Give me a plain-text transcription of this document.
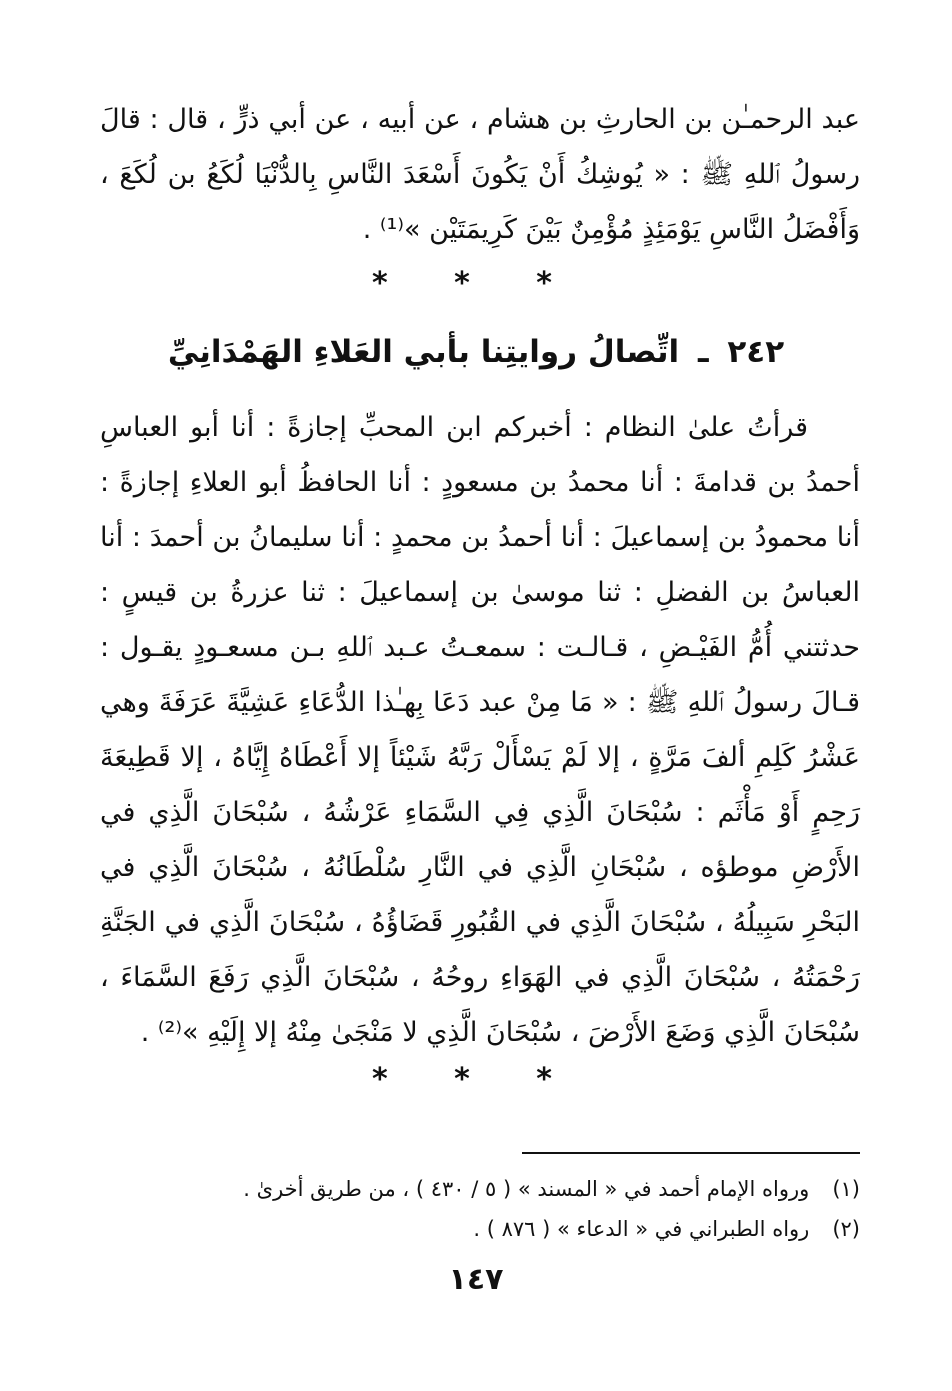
عبد الرحمـٰن بن الحارثِ بن هشام ، عن أبيه ، عن أبي ذرٍّ ، قال : قالَ رسولُ ٱللهِ ﷺ : « يُوشِكُ أَنْ يَكُونَ أَسْعَدَ النَّاسِ بِالدُّنْيَا لُكَعُ بن لُكَعَ ، وَأَفْضَلُ النَّاسِ يَوْمَئِذٍ مُؤْمِنٌ بَيْنَ كَرِيمَتَيْن »⁽¹⁾ .

* * *
٢٤٢ ـ اتِّصالُ روايتِنا بأبي العَلاءِ الهَمْدَانِيِّ

قرأتُ علىٰ النظام : أخبركم ابن المحبِّ إجازةً : أنا أبو العباسِ أحمدُ بن قدامةَ : أنا محمدُ بن مسعودٍ : أنا الحافظُ أبو العلاءِ إجازةً : أنا محمودُ بن إسماعيلَ : أنا أحمدُ بن محمدٍ : أنا سليمانُ بن أحمدَ : أنا العباسُ بن الفضلِ : ثنا موسىٰ بن إسماعيلَ : ثنا عزرةُ بن قيسٍ : حدثتني أُمُّ الفَيْـضِ ، قـالـت : سمعـتُ عـبد ٱللهِ بـن مسعـودٍ يقـول : قـالَ رسولُ ٱللهِ ﷺ : « مَا مِنْ عبد دَعَا بِهـٰذا الدُّعَاءِ عَشِيَّةَ عَرَفَةَ وهي عَشْرُ كَلِمِ ألفَ مَرَّةٍ ، إلا لَمْ يَسْأَلْ رَبَّهُ شَيْئاً إلا أَعْطَاهُ إِيَّاهُ ، إلا قَطِيعَةَ رَحِمٍ أَوْ مَأْثَم : سُبْحَانَ الَّذِي فِي السَّمَاءِ عَرْشُهُ ، سُبْحَانَ الَّذِي في الأَرْضِ موطؤه ، سُبْحَانِ الَّذِي في النَّارِ سُلْطَانُهُ ، سُبْحَانَ الَّذِي في البَحْرِ سَبِيلُهُ ، سُبْحَانَ الَّذِي في القُبُورِ قَضَاؤُهُ ، سُبْحَانَ الَّذِي في الجَنَّةِ رَحْمَتُهُ ، سُبْحَانَ الَّذِي في الهَوَاءِ روحُهُ ، سُبْحَانَ الَّذِي رَفَعَ السَّمَاءَ ، سُبْحَانَ الَّذِي وَضَعَ الأَرْضَ ، سُبْحَانَ الَّذِي لا مَنْجَىٰ مِنْهُ إلا إِلَيْهِ »⁽²⁾ .

* * *
(١) ورواه الإمام أحمد في « المسند » ( ٥ / ٤٣٠ ) ، من طريق أخرىٰ .
(٢) رواه الطبراني في « الدعاء » ( ٨٧٦ ) .
١٤٧
